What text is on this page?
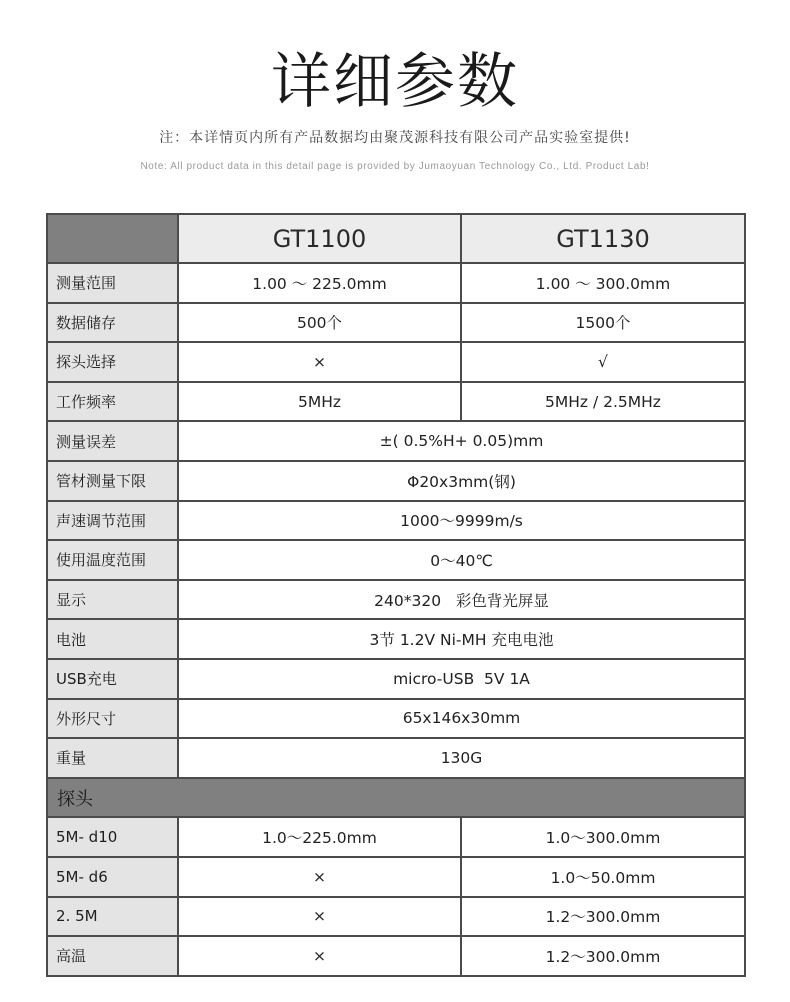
详细参数
注：本详情页内所有产品数据均由聚茂源科技有限公司产品实验室提供!
Note: All product data in this detail page is provided by Jumaoyuan Technology Co., Ltd. Product Lab!
	GT1100	GT1130
测量范围	1.00 ～ 225.0mm	1.00 ～ 300.0mm
数据储存	500个	1500个
探头选择	×	√
工作频率	5MHz	5MHz / 2.5MHz
测量误差	±( 0.5%H+ 0.05)mm	
管材测量下限	Φ20x3mm(钢)	
声速调节范围	1000～9999m/s	
使用温度范围	0～40℃	
显示	240*320   彩色背光屏显	
电池	3节 1.2V Ni-MH 充电电池	
USB充电	micro-USB  5V 1A	
外形尺寸	65x146x30mm	
重量	130G	
探头		
5M- d10	1.0～225.0mm	1.0～300.0mm
5M- d6	×	1.0～50.0mm
2. 5M	×	1.2～300.0mm
高温	×	1.2～300.0mm
